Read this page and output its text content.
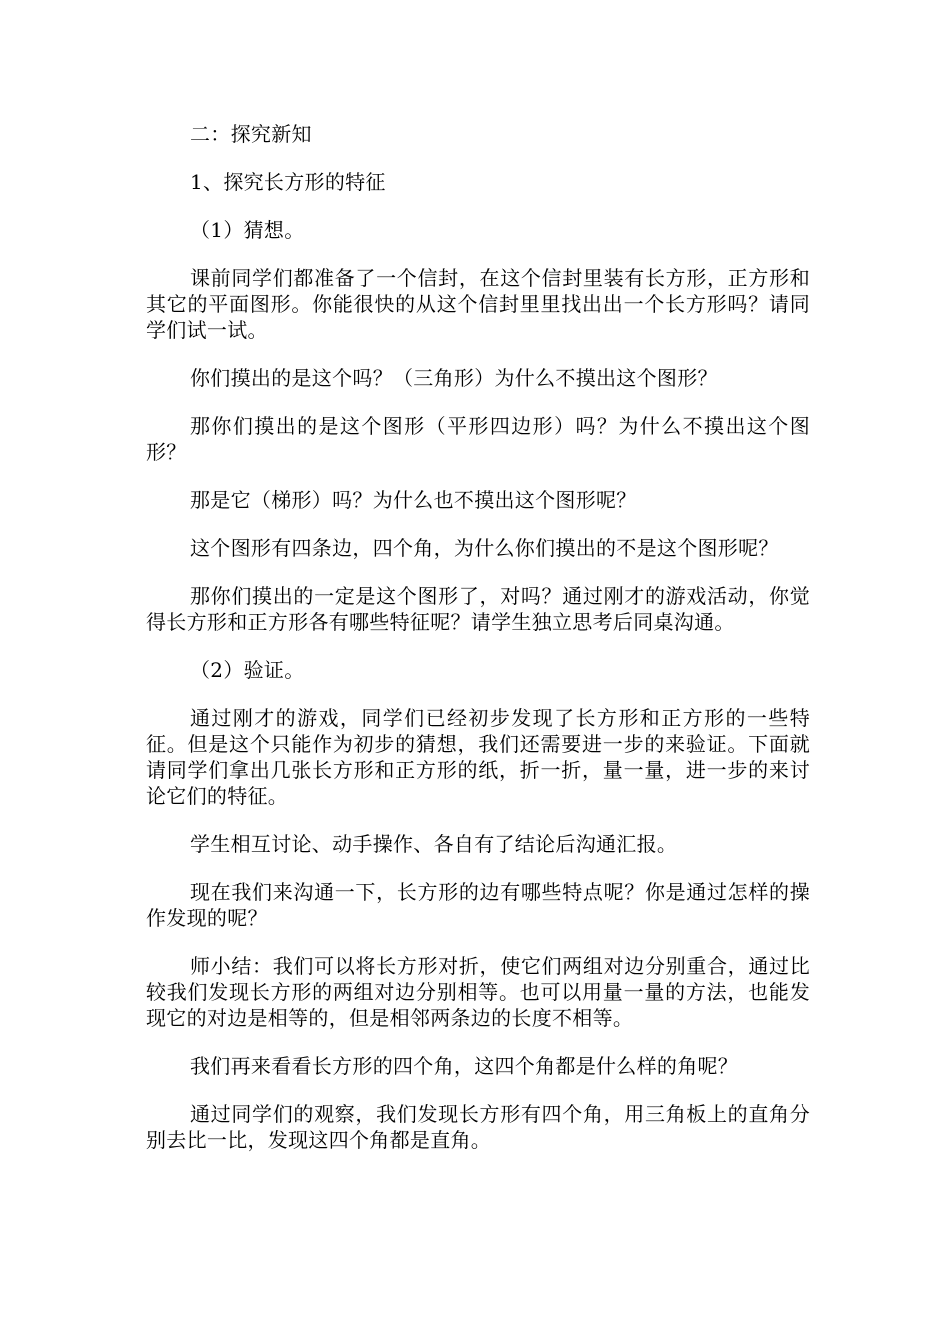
二：探究新知

1、探究长方形的特征

（1）猜想。

课前同学们都准备了一个信封，在这个信封里装有长方形，正方形和其它的平面图形。你能很快的从这个信封里里找出出一个长方形吗？请同学们试一试。

你们摸出的是这个吗？（三角形）为什么不摸出这个图形？

那你们摸出的是这个图形（平形四边形）吗？为什么不摸出这个图形？

那是它（梯形）吗？为什么也不摸出这个图形呢？

这个图形有四条边，四个角，为什么你们摸出的不是这个图形呢？

那你们摸出的一定是这个图形了，对吗？通过刚才的游戏活动，你觉得长方形和正方形各有哪些特征呢？请学生独立思考后同桌沟通。

（2）验证。

通过刚才的游戏，同学们已经初步发现了长方形和正方形的一些特征。但是这个只能作为初步的猜想，我们还需要进一步的来验证。下面就请同学们拿出几张长方形和正方形的纸，折一折，量一量，进一步的来讨论它们的特征。

学生相互讨论、动手操作、各自有了结论后沟通汇报。

现在我们来沟通一下，长方形的边有哪些特点呢？你是通过怎样的操作发现的呢？

师小结：我们可以将长方形对折，使它们两组对边分别重合，通过比较我们发现长方形的两组对边分别相等。也可以用量一量的方法，也能发现它的对边是相等的，但是相邻两条边的长度不相等。

我们再来看看长方形的四个角，这四个角都是什么样的角呢？

通过同学们的观察，我们发现长方形有四个角，用三角板上的直角分别去比一比，发现这四个角都是直角。
